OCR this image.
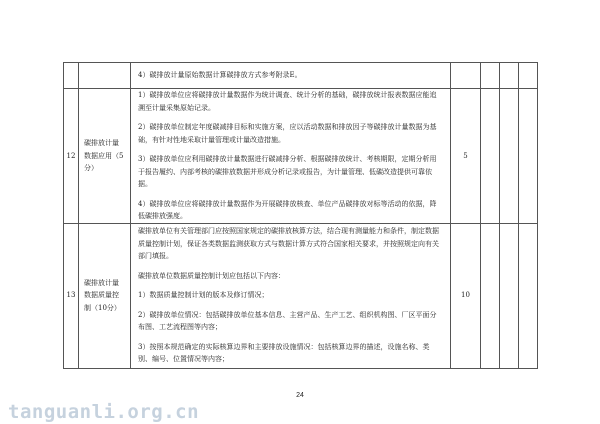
		4）碳排放计量原始数据计算碳排放方式参考附录E。				

12	碳排放计量数据应用（5分）	1）碳排放单位应将碳排放计量数据作为统计调查、统计分析的基础，碳排放统计报表数据应能追溯至计量采集原始记录。

2）碳排放单位制定年度碳减排目标和实施方案，应以活动数据和排放因子等碳排放计量数据为基础，有针对性地采取计量管理或计量改造措施。

3）碳排放单位应利用碳排放计量数据进行碳减排分析、根据碳排放统计、考核期限，定期分析用于报告履约、内部考核的碳排放数据并形成分析记录或报告，为计量管理、低碳改造提供可靠依据。

4）碳排放单位应将碳排放计量数据作为开展碳排放核查、单位产品碳排放对标等活动的依据，降低碳排放强度。	5			
13	碳排放计量数据质量控制（10分）	碳排放单位有关管理部门应按照国家规定的碳排放核算方法，结合现有测量能力和条件，制定数据质量控制计划，保证各类数据监测获取方式与数据计算方式符合国家相关要求，并按照规定向有关部门填报。

碳排放单位数据质量控制计划应包括以下内容：

1）数据质量控制计划的版本及修订情况；

2）碳排放单位情况：包括碳排放单位基本信息、主营产品、生产工艺、组织机构图、厂区平面分布图、工艺流程图等内容；

3）按照本规范确定的实际核算边界和主要排放设施情况：包括核算边界的描述，设施名称、类别、编号、位置情况等内容；	10			
24
tanguanli.org.cn
